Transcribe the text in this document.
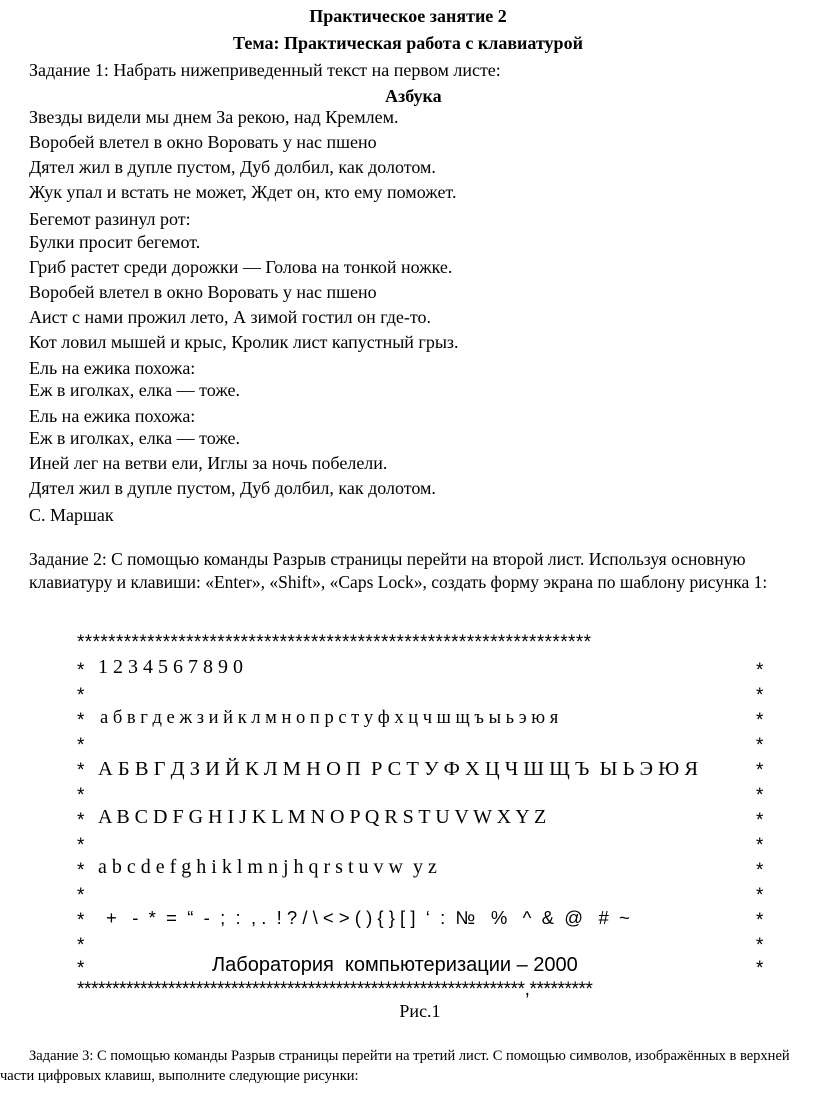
Практическое занятие 2
Тема: Практическая работа с клавиатурой
Задание 1: Набрать нижеприведенный текст на первом листе:
Азбука
Звезды видели мы днем За рекою, над Кремлем.
Воробей влетел в окно Воровать у нас пшено
Дятел жил в дупле пустом, Дуб долбил, как долотом.
Жук упал и встать не может, Ждет он, кто ему поможет.
Бегемот разинул рот:
Булки просит бегемот.
Гриб растет среди дорожки — Голова на тонкой ножке.
Воробей влетел в окно Воровать у нас пшено
Аист с нами прожил лето, А зимой гостил он где-то.
Кот ловил мышей и крыс, Кролик лист капустный грыз.
Ель на ежика похожа:
Еж в иголках, елка — тоже.
Ель на ежика похожа:
Еж в иголках, елка — тоже.
Иней лег на ветви ели, Иглы за ночь побелели.
Дятел жил в дупле пустом, Дуб долбил, как долотом.
С. Маршак
Задание 2: С помощью команды Разрыв страницы перейти на второй лист. Используя основную клавиатуру и клавиши: «Enter», «Shift», «Caps Lock», создать форму экрана по шаблону рисунка 1:
******************************************************************
* 1 2 3 4 5 6 7 8 9 0	*
*	*
* а б в г д е ж з и й к л м н о п р с т у ф х ц ч ш щ ъ ы ь э ю я	*
*	*
* А Б В Г Д З И Й К Л М Н О П  Р С Т У Ф Х Ц Ч Ш Щ Ъ  Ы Ь Э Ю Я	*
*	*
* A B C D F G H I J K L M N O P Q R S T U V W X Y Z	*
*	*
* a b c d e f g h i k l m n j h q r s t u v w  y z	*
*	*
* +   -  *  =  “  -  ;  :  , .  ! ? / \ < > ( ) { } [ ]  ‘  :  №   %   ^  &  @   #  ~	*
*	*
*	Лаборатория  компьютеризации – 2000	*
****************************************************************,*********
Рис.1
Задание 3: С помощью команды Разрыв страницы перейти на третий лист. С помощью символов, изображённых в верхней части цифровых клавиш, выполните следующие рисунки:
